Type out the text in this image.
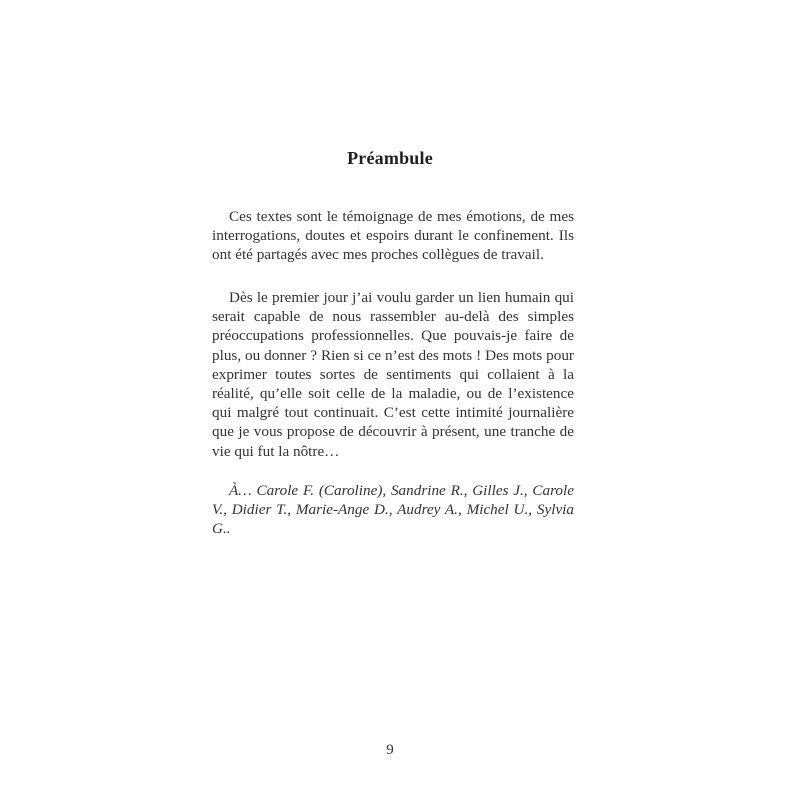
Préambule

Ces textes sont le témoignage de mes émotions, de mes interrogations, doutes et espoirs durant le confinement. Ils ont été partagés avec mes proches collègues de travail.

Dès le premier jour j’ai voulu garder un lien humain qui serait capable de nous rassembler au-delà des simples préoccupations professionnelles. Que pouvais-je faire de plus, ou donner ? Rien si ce n’est des mots ! Des mots pour exprimer toutes sortes de sentiments qui collaient à la réalité, qu’elle soit celle de la maladie, ou de l’existence qui malgré tout continuait. C’est cette intimité journalière que je vous propose de découvrir à présent, une tranche de vie qui fut la nôtre…

À… Carole F. (Caroline), Sandrine R., Gilles J., Carole V., Didier T., Marie-Ange D., Audrey A., Michel U., Sylvia G..

9
